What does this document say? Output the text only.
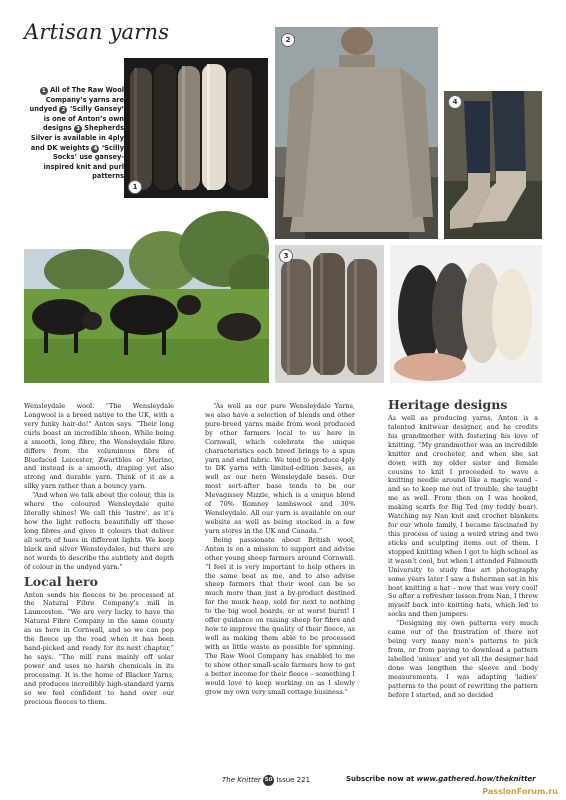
Artisan yarns
1 All of The Raw Wool Company’s yarns are undyed 2 ‘Scilly Gansey’ is one of Anton’s own designs 3 Shepherds Silver is available in 4ply and DK weights 4 ‘Scilly Socks’ use gansey-inspired knit and purl patterns
1
2
4
3

Wensleydale wool. “The Wensleydale Longwool is a breed native to the UK, with a very funky hair-do!” Anton says. “Their long curls boast an incredible sheen. While being a smooth, long fibre, the Wensleydale fibre differs from the voluminous fibre of Bluefaced Leicester, Zwartbles or Merino, and instead is a smooth, draping yet also strong and durable yarn. Think of it as a silky yarn rather than a bouncy yarn.

“And when we talk about the colour, this is where the coloured Wensleydale quite literally shines! We call this ‘lustre’, as it’s how the light reflects beautifully off those long fibres and gives it colours that deliver all sorts of hues in different lights. We keep black and silver Wensleydales, but there are not words to describe the subtlety and depth of colour in the undyed yarn.”

Local hero

Anton sends his fleeces to be processed at the Natural Fibre Company’s mill in Launceston. “We are very lucky to have the Natural Fibre Company in the same county as us here in Cornwall, and so we can pop the fleece up the road when it has been hand-picked and ready for its next chapter,” he says. “The mill runs mainly off solar power and uses no harsh chemicals in its processing. It is the home of Blacker Yarns, and produces incredibly high-standard yarns so we feel confident to hand over our precious fleeces to them.

“As well as our pure Wensleydale Yarns, we also have a selection of blends and other pure-breed yarns made from wool produced by other farmers local to us here in Cornwall, which celebrate the unique characteristics each breed brings to a spun yarn and end fabric. We tend to produce 4ply to DK yarns with limited-edition bases, as well as our hero Wensleydale bases. Our most sort-after base tends to be our Mevagissey Mizzle, which is a unique blend of 70% Romney lambswool and 30% Wensleydale. All our yarn is available on our website as well as being stocked in a few yarn stores in the UK and Canada.”

Being passionate about British wool, Anton is on a mission to support and advise other young sheep farmers around Cornwall. “I feel it is very important to help others in the same boat as me, and to also advise sheep farmers that their wool can be so much more than just a by-product destined for the muck heap, sold for next to nothing to the big wool boards, or at worst burnt! I offer guidance on raising sheep for fibre and how to improve the quality of their fleece, as well as making them able to be processed with as little waste as possible for spinning. The Raw Wool Company has enabled to me to show other small-scale farmers how to get a better income for their fleece – something I would love to keep working on as I slowly grow my own very small cottage business.”

Heritage designs

As well as producing yarns, Anton is a talented knitwear designer, and he credits his grandmother with fostering his love of knitting. “My grandmother was an incredible knitter and crocheter, and when she sat down with my older sister and female cousins to knit I proceeded to wave a knitting needle around like a magic wand – and so to keep me out of trouble, she taught me as well. From then on I was hooked, making scarfs for Big Ted (my teddy bear). Watching my Nan knit and crochet blankets for our whole family, I became fascinated by this process of using a weird string and two sticks and sculpting items out of them. I stopped knitting when I got to high school as it wasn’t cool, but when I attended Falmouth University to study fine art photography some years later I saw a fisherman sat in his boat knitting a hat – now that was very cool! So after a refresher lesson from Nan, I threw myself back into knitting hats, which led to socks and then jumpers.

“Designing my own patterns very much came out of the frustration of there not being very many men’s patterns to pick from, or from paying to download a pattern labelled ‘unisex’ and yet all the designer had done was lengthen the sleeve and body measurements. I was adapting ‘ladies’ patterns to the point of rewriting the pattern before I started, and so decided

The Knitter 50 Issue 221	Subscribe now at www.gathered.how/theknitter
PassionForum.ru
